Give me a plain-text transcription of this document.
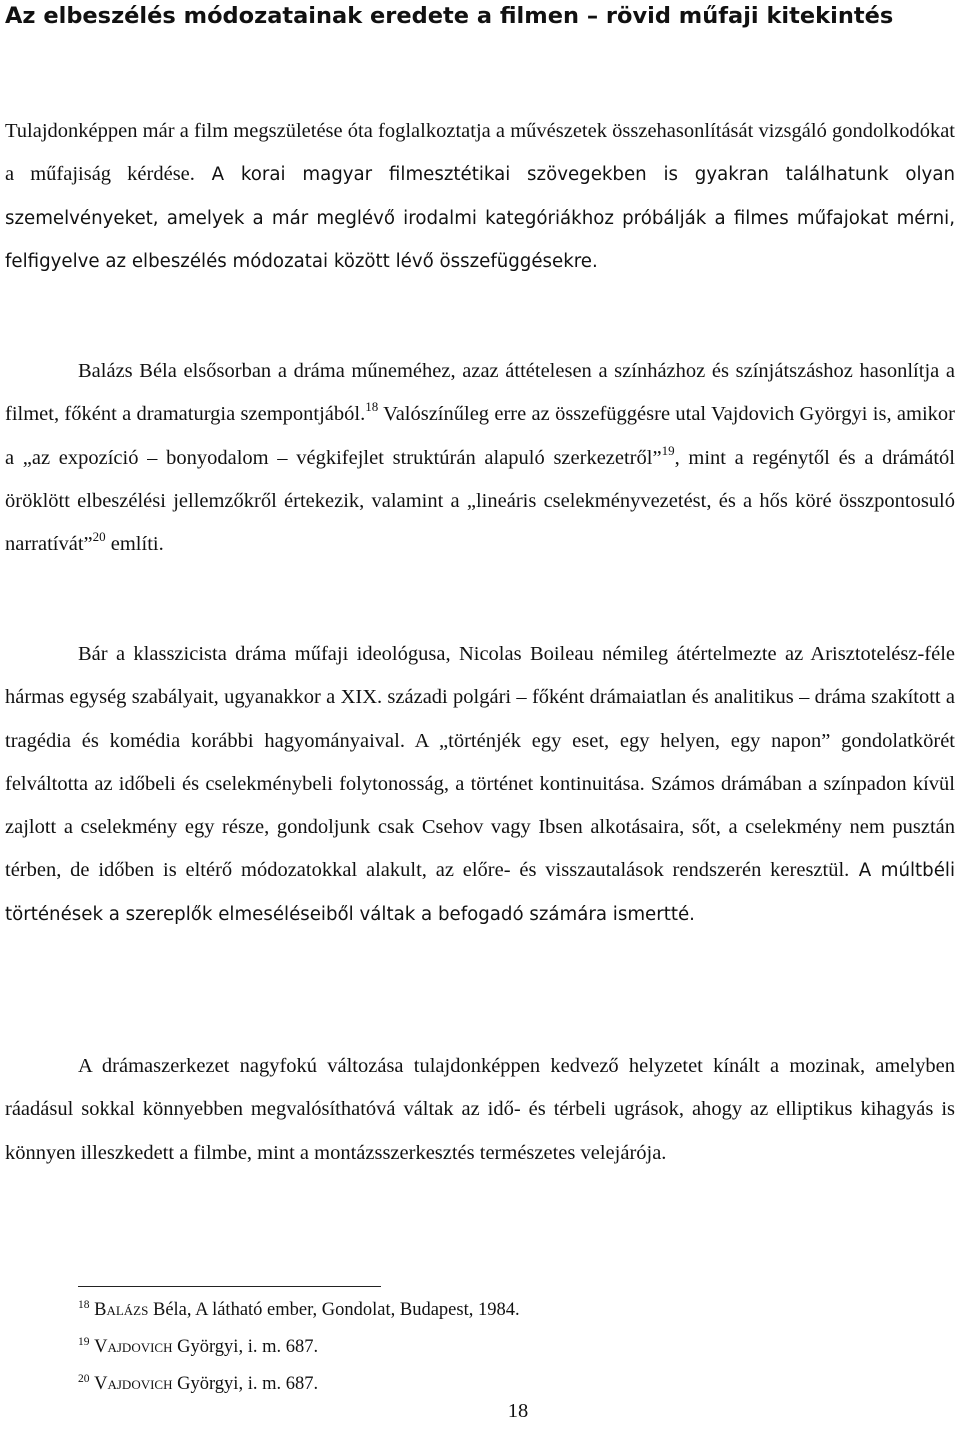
Az elbeszélés módozatainak eredete a filmen – rövid műfaji kitekintés

Tulajdonképpen már a film megszületése óta foglalkoztatja a művészetek összehasonlítását vizsgáló gondolkodókat a műfajiság kérdése. A korai magyar filmesztétikai szövegekben is gyakran találhatunk olyan szemelvényeket, amelyek a már meglévő irodalmi kategóriákhoz próbálják a filmes műfajokat mérni, felfigyelve az elbeszélés módozatai között lévő összefüggésekre.

Balázs Béla elsősorban a dráma műneméhez, azaz áttételesen a színházhoz és színjátszáshoz hasonlítja a filmet, főként a dramaturgia szempontjából.$^{18}$ Valószínűleg erre az összefüggésre utal Vajdovich Györgyi is, amikor a „az expozíció – bonyodalom – végkifejlet struktúrán alapuló szerkezetről”$^{19}$, mint a regénytől és a drámától öröklött elbeszélési jellemzőkről értekezik, valamint a „lineáris cselekményvezetést, és a hős köré összpontosuló narratívát”$^{20}$ említi.

Bár a klasszicista dráma műfaji ideológusa, Nicolas Boileau némileg átértelmezte az Arisztotelész-féle hármas egység szabályait, ugyanakkor a XIX. századi polgári – főként drámaiatlan és analitikus – dráma szakított a tragédia és komédia korábbi hagyományaival. A „történjék egy eset, egy helyen, egy napon” gondolatkörét felváltotta az időbeli és cselekménybeli folytonosság, a történet kontinuitása. Számos drámában a színpadon kívül zajlott a cselekmény egy része, gondoljunk csak Csehov vagy Ibsen alkotásaira, sőt, a cselekmény nem pusztán térben, de időben is eltérő módozatokkal alakult, az előre- és visszautalások rendszerén keresztül. A múltbéli történések a szereplők elmeséléseiből váltak a befogadó számára ismertté.

A drámaszerkezet nagyfokú változása tulajdonképpen kedvező helyzetet kínált a mozinak, amelyben ráadásul sokkal könnyebben megvalósíthatóvá váltak az idő- és térbeli ugrások, ahogy az elliptikus kihagyás is könnyen illeszkedett a filmbe, mint a montázsszerkesztés természetes velejárója.

$^{18}$ Balázs Béla, A látható ember, Gondolat, Budapest, 1984.

$^{19}$ Vajdovich Györgyi, i. m. 687.

$^{20}$ Vajdovich Györgyi, i. m. 687.

18
